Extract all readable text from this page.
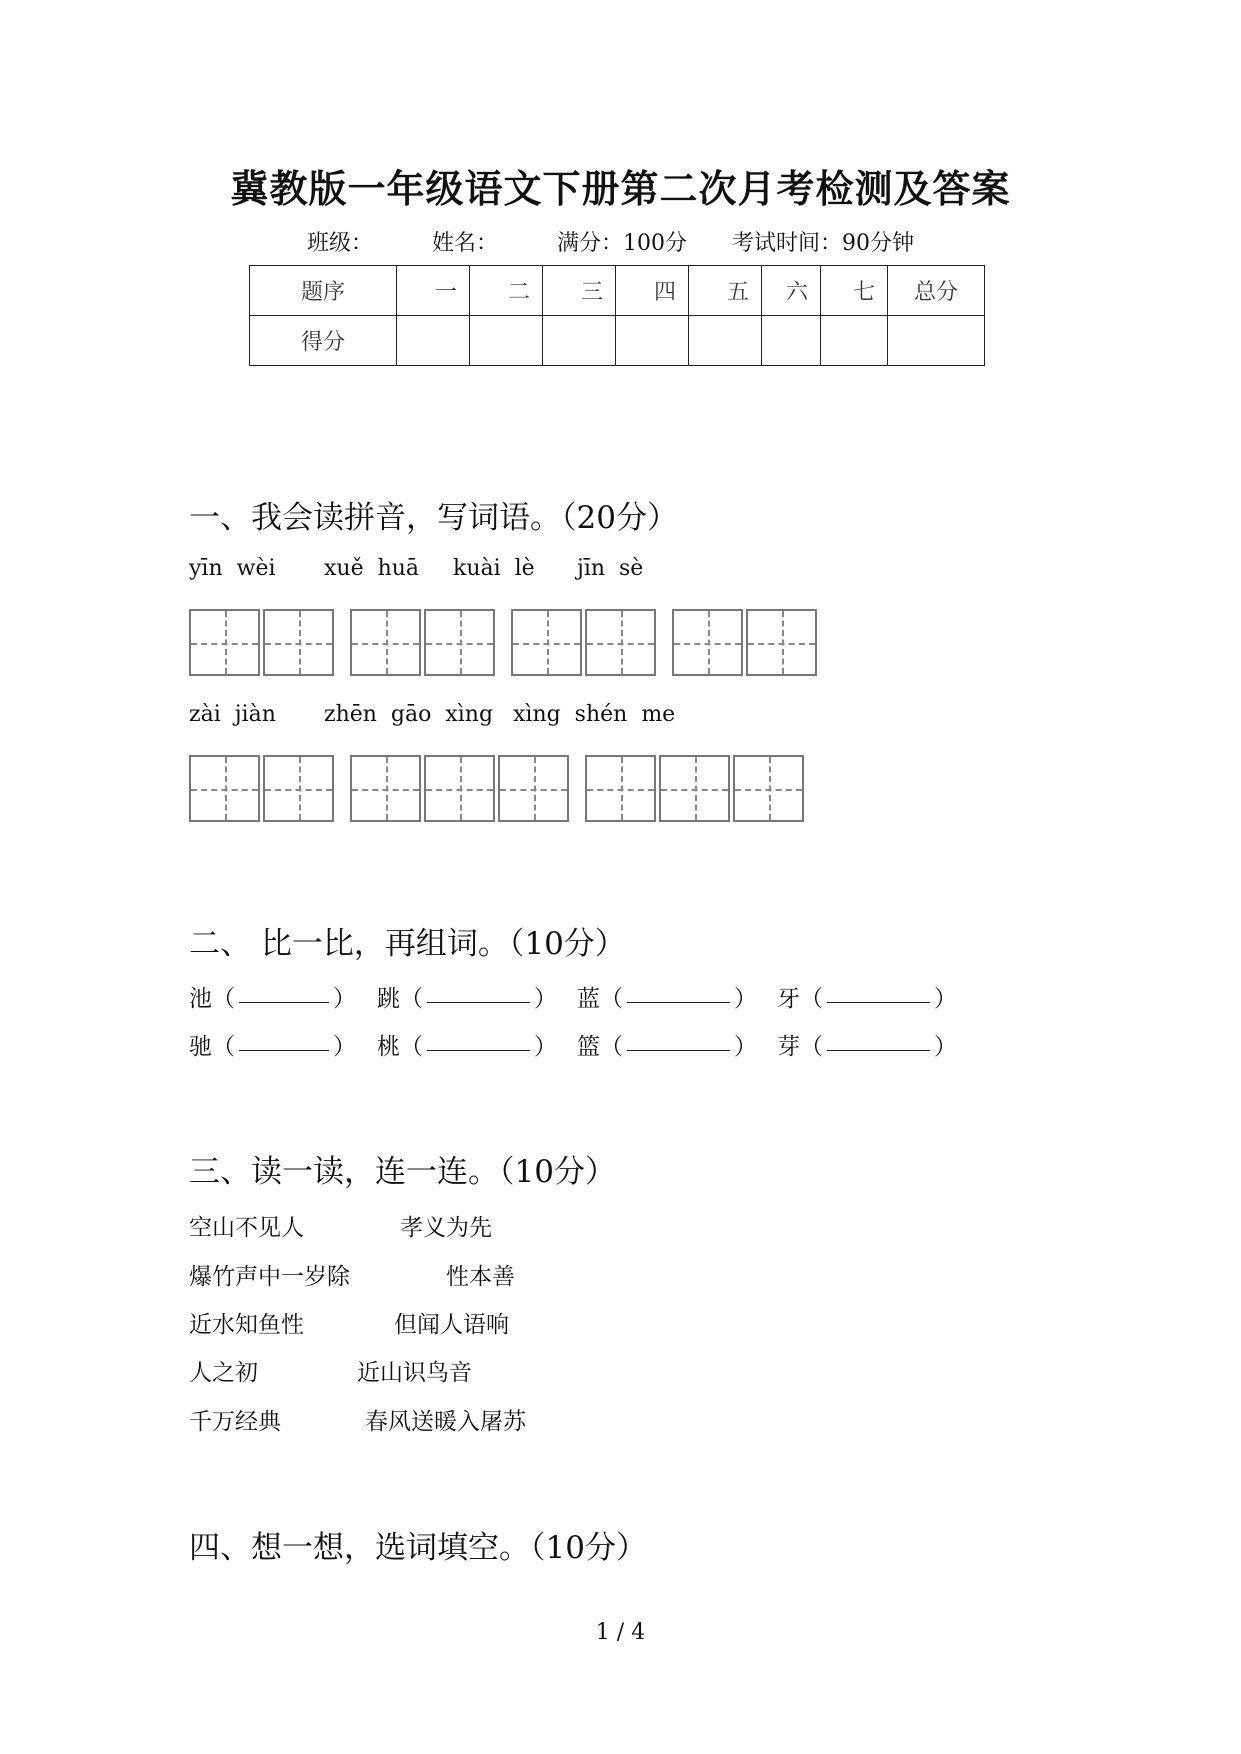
冀教版一年级语文下册第二次月考检测及答案
班级：	姓名：	满分：100分 考试时间：90分钟
题序	一	二	三	四	五	六	七	总分
得分								
一、我会读拼音，写词语。（20分）
yīn  wèi xuě  huā kuài  lè jīn  sè
zài  jiàn zhēn  gāo  xìng xìng  shén  me
二、 比一比，再组词。（10分）
池 （	） 跳 （	） 蓝 （	） 牙 （	）
驰 （	） 桃 （	） 篮 （	） 芽 （	）
三、读一读，连一连。（10分）
空山不见人	孝义为先
爆竹声中一岁除	性本善
近水知鱼性	但闻人语响
人之初	近山识鸟音
千万经典	春风送暖入屠苏
四、想一想，选词填空。（10分）
1 / 4
